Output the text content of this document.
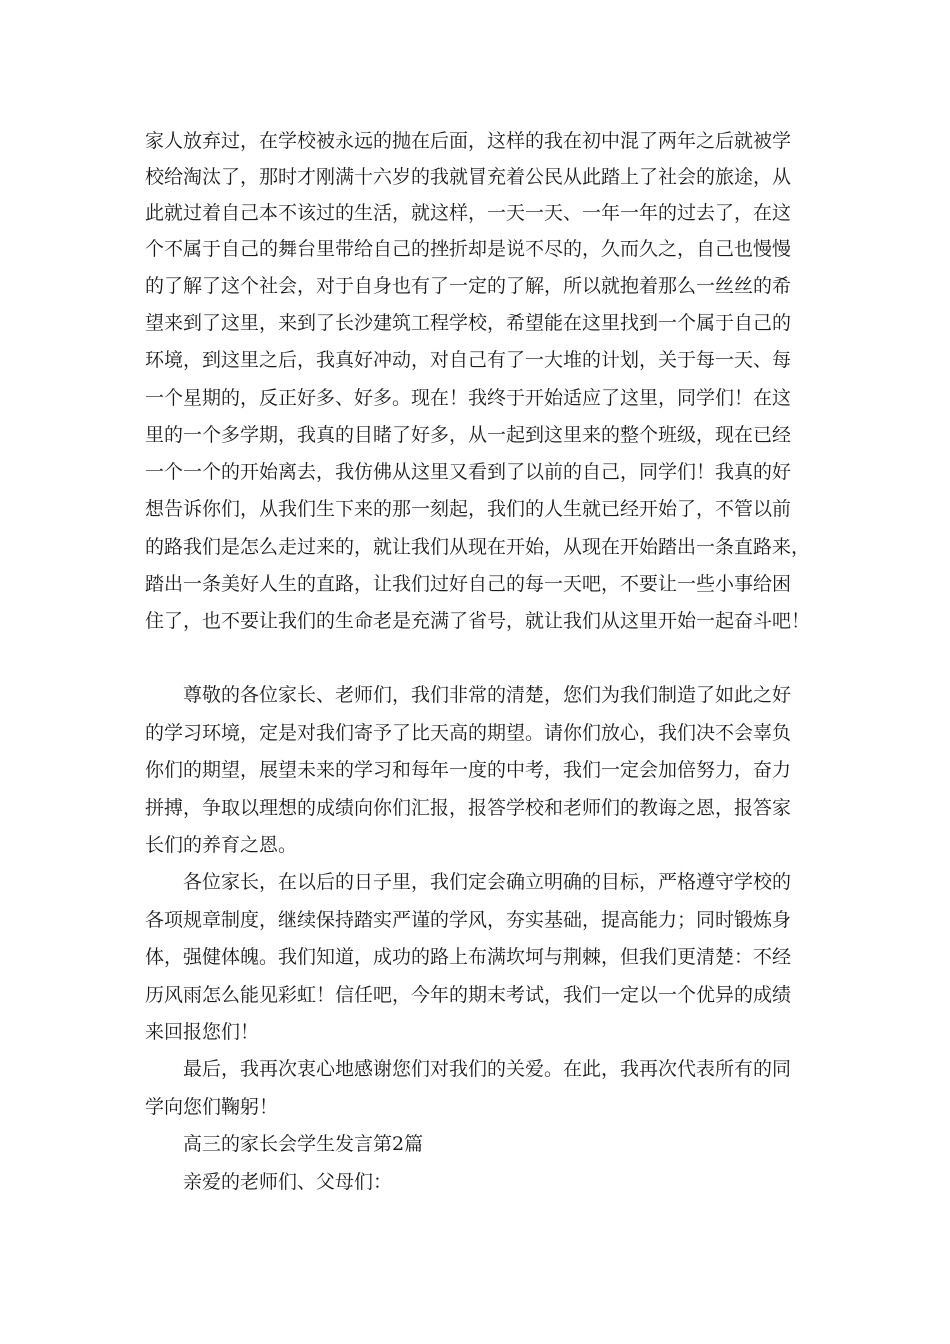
家人放弃过，在学校被永远的抛在后面，这样的我在初中混了两年之后就被学
校给淘汰了，那时才刚满十六岁的我就冒充着公民从此踏上了社会的旅途，从
此就过着自己本不该过的生活，就这样，一天一天、一年一年的过去了，在这
个不属于自己的舞台里带给自己的挫折却是说不尽的，久而久之，自己也慢慢
的了解了这个社会，对于自身也有了一定的了解，所以就抱着那么一丝丝的希
望来到了这里，来到了长沙建筑工程学校，希望能在这里找到一个属于自己的
环境，到这里之后，我真好冲动，对自己有了一大堆的计划，关于每一天、每
一个星期的，反正好多、好多。现在！我终于开始适应了这里，同学们！在这
里的一个多学期，我真的目睹了好多，从一起到这里来的整个班级，现在已经
一个一个的开始离去，我仿佛从这里又看到了以前的自己，同学们！我真的好
想告诉你们，从我们生下来的那一刻起，我们的人生就已经开始了，不管以前
的路我们是怎么走过来的，就让我们从现在开始，从现在开始踏出一条直路来，
踏出一条美好人生的直路，让我们过好自己的每一天吧，不要让一些小事给困
住了，也不要让我们的生命老是充满了省号，就让我们从这里开始一起奋斗吧！
尊敬的各位家长、老师们，我们非常的清楚，您们为我们制造了如此之好
的学习环境，定是对我们寄予了比天高的期望。请你们放心，我们决不会辜负
你们的期望，展望未来的学习和每年一度的中考，我们一定会加倍努力，奋力
拼搏，争取以理想的成绩向你们汇报，报答学校和老师们的教诲之恩，报答家
长们的养育之恩。
各位家长，在以后的日子里，我们定会确立明确的目标，严格遵守学校的
各项规章制度，继续保持踏实严谨的学风，夯实基础，提高能力；同时锻炼身
体，强健体魄。我们知道，成功的路上布满坎坷与荆棘，但我们更清楚：不经
历风雨怎么能见彩虹！信任吧，今年的期末考试，我们一定以一个优异的成绩
来回报您们！
最后，我再次衷心地感谢您们对我们的关爱。在此，我再次代表所有的同
学向您们鞠躬！
高三的家长会学生发言第2篇
亲爱的老师们、父母们：
